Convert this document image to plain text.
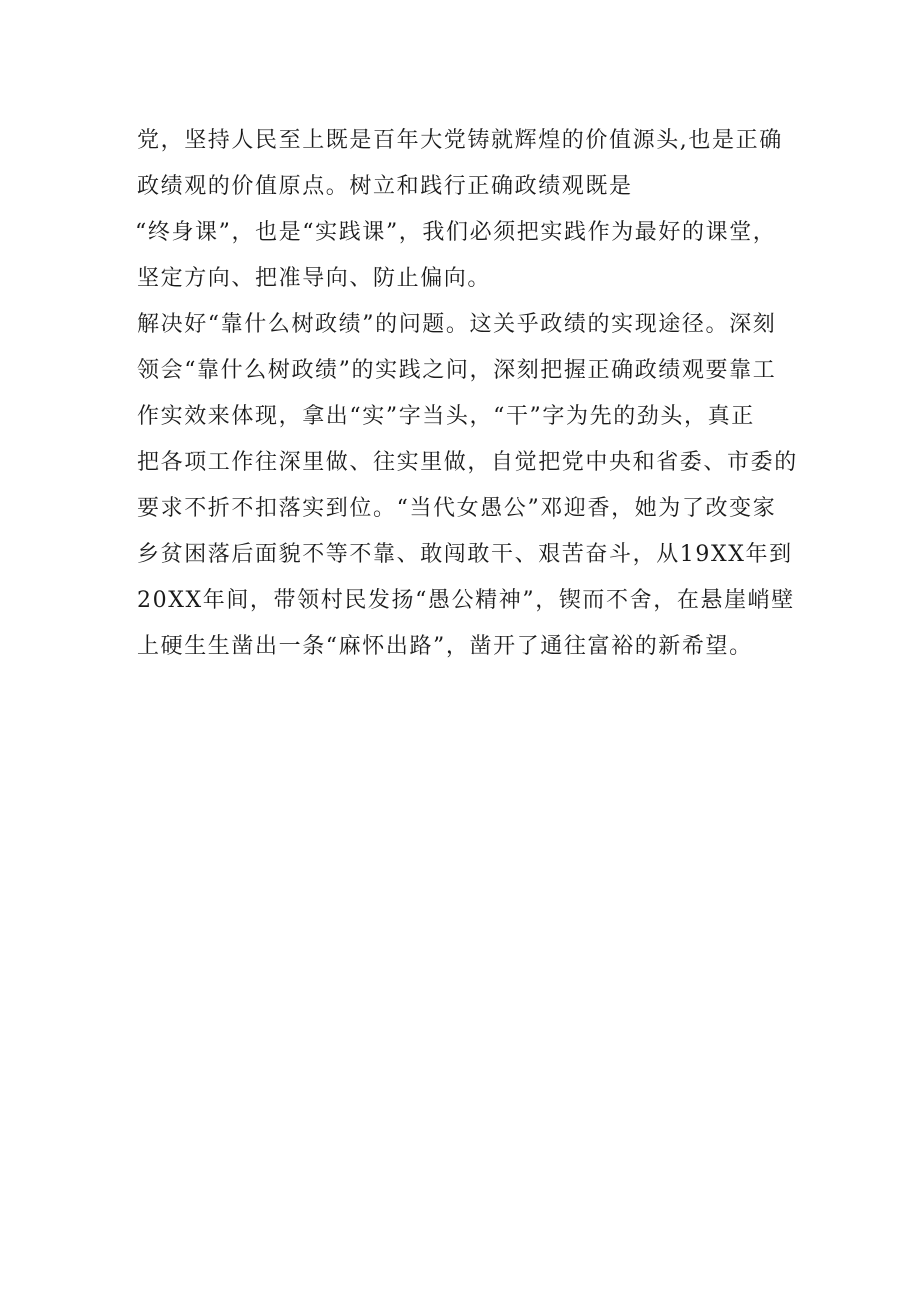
党，坚持人民至上既是百年大党铸就辉煌的价值源头,也是正确
政绩观的价值原点。树立和践行正确政绩观既是
“终身课”，也是“实践课”，我们必须把实践作为最好的课堂，
坚定方向、把准导向、防止偏向。
解决好“靠什么树政绩”的问题。这关乎政绩的实现途径。深刻
领会“靠什么树政绩”的实践之问，深刻把握正确政绩观要靠工
作实效来体现，拿出“实”字当头，“干”字为先的劲头，真正
把各项工作往深里做、往实里做，自觉把党中央和省委、市委的
要求不折不扣落实到位。“当代女愚公”邓迎香，她为了改变家
乡贫困落后面貌不等不靠、敢闯敢干、艰苦奋斗，从19XX年到
20XX年间，带领村民发扬“愚公精神”，锲而不舍，在悬崖峭壁
上硬生生凿出一条“麻怀出路”，凿开了通往富裕的新希望。
